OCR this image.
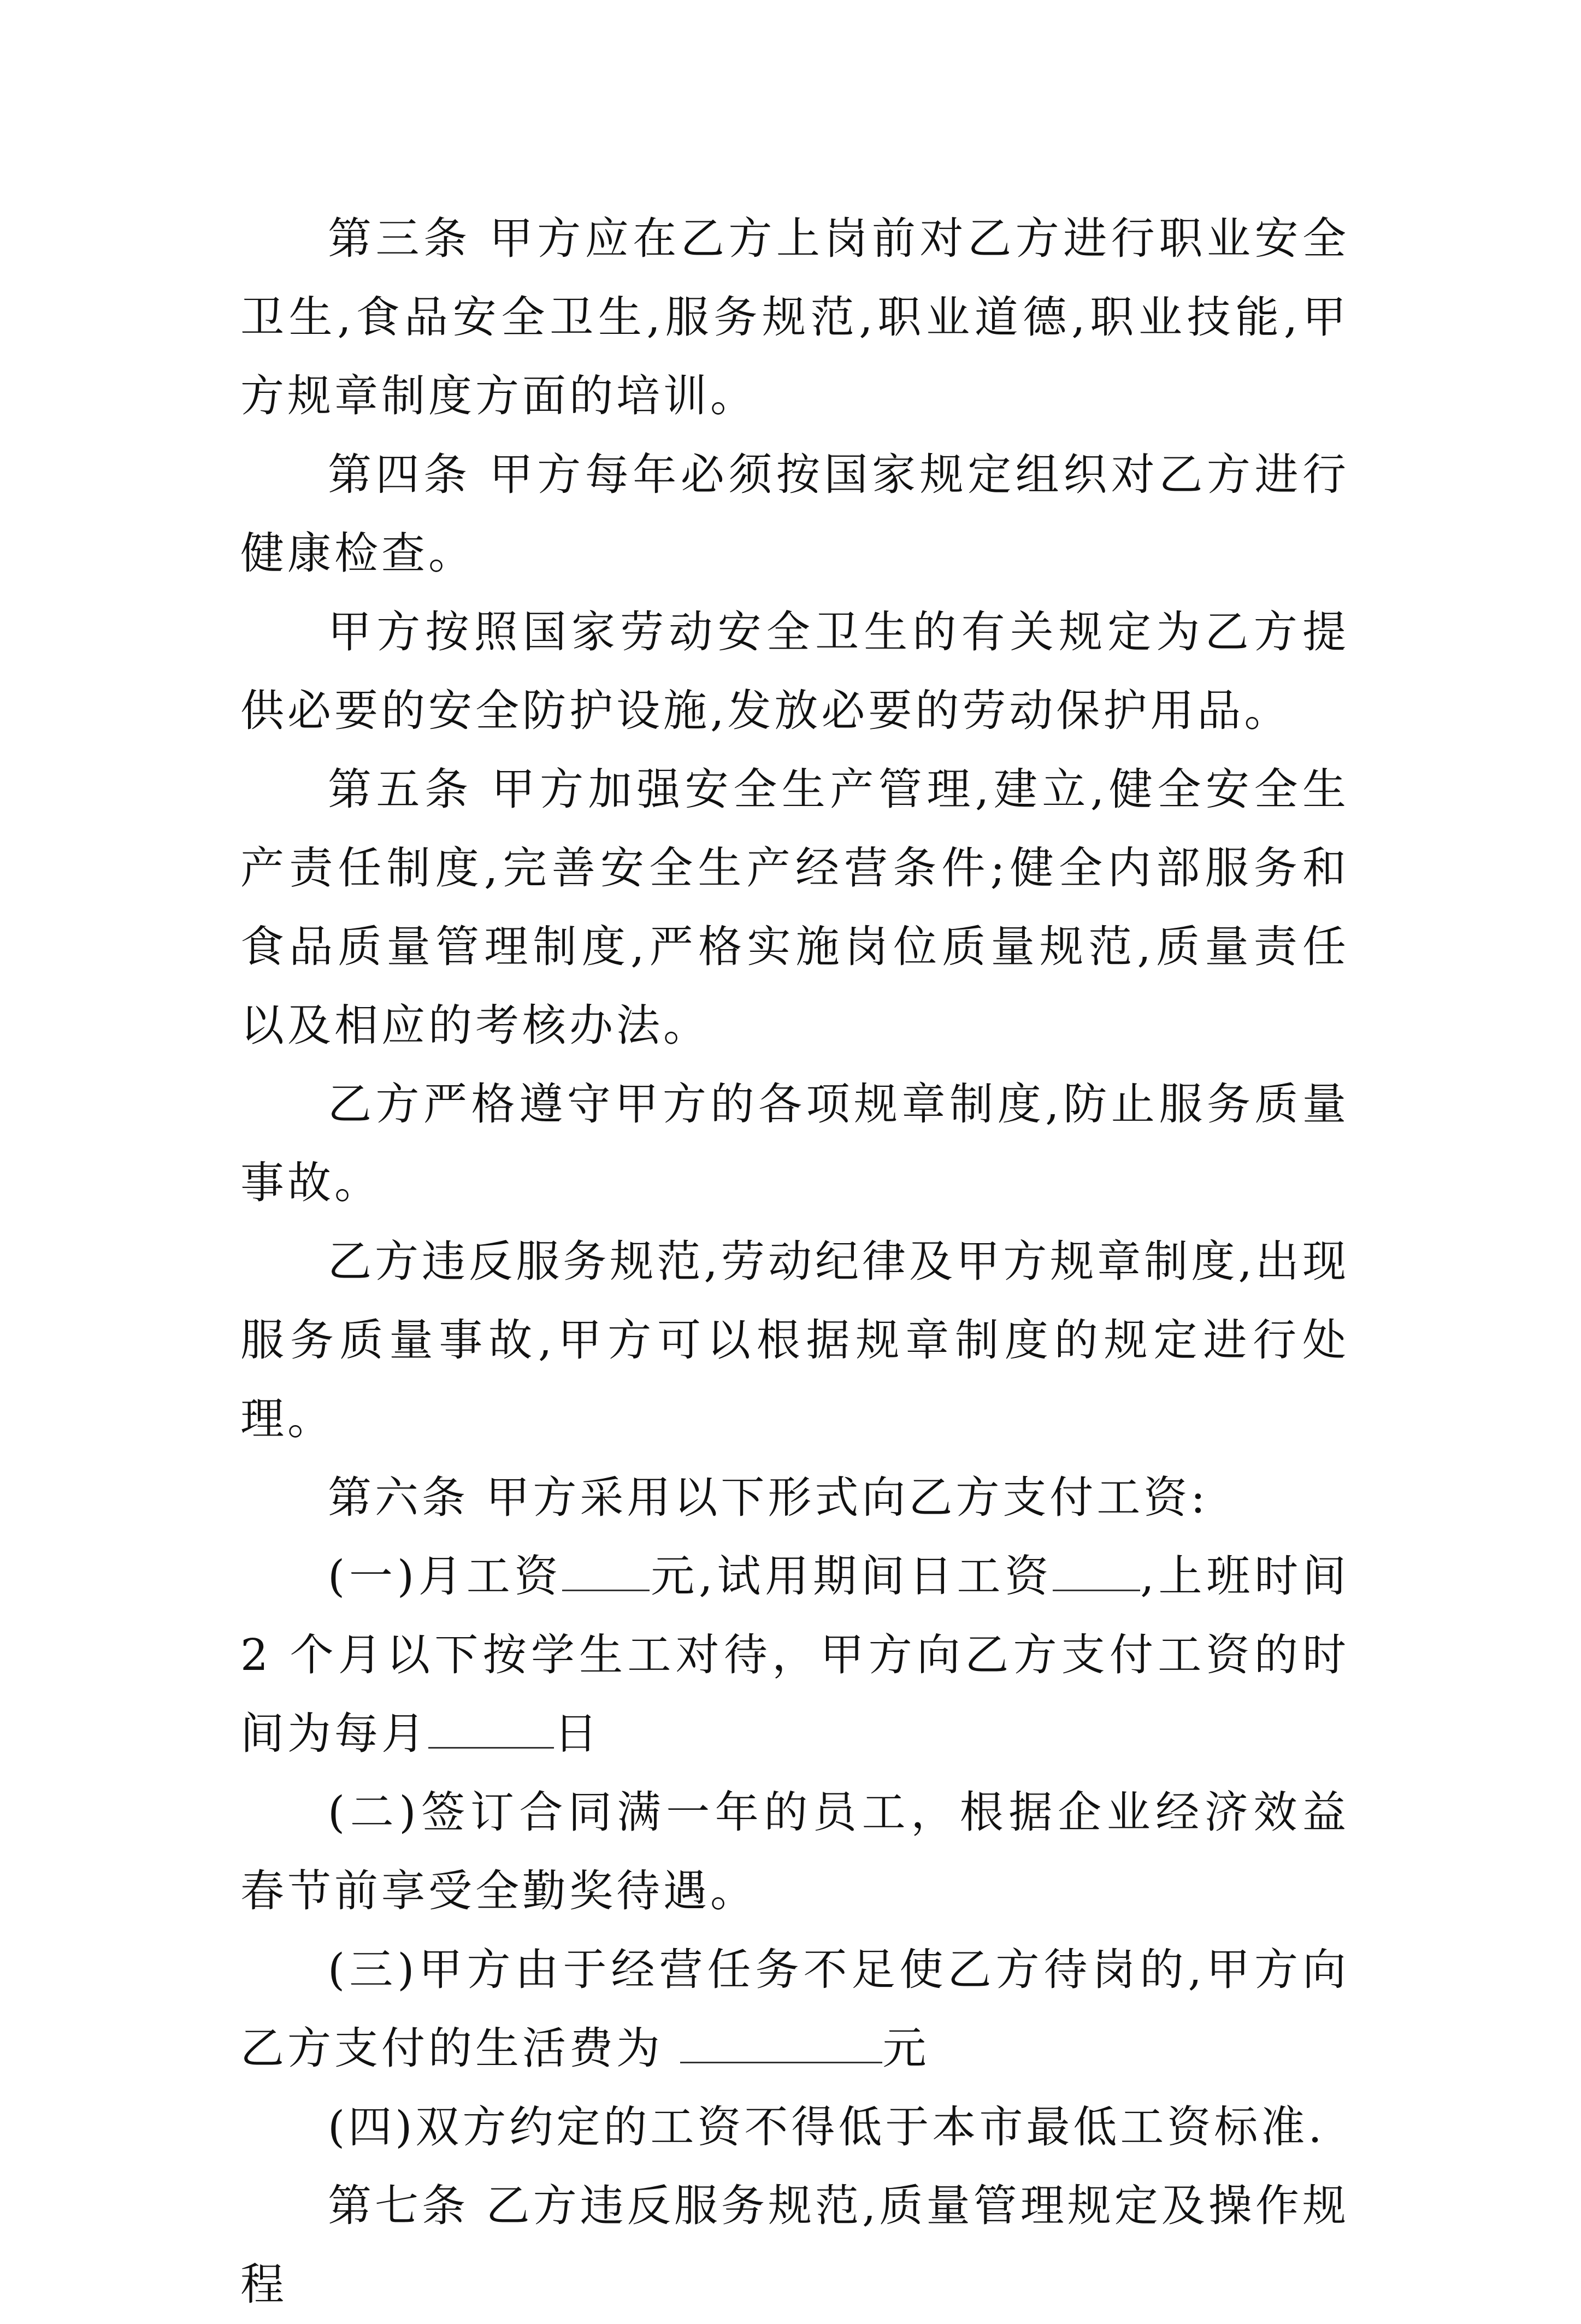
第三条 甲方应在乙方上岗前对乙方进行职业安全卫生,食品安全卫生,服务规范,职业道德,职业技能,甲方规章制度方面的培训。

第四条 甲方每年必须按国家规定组织对乙方进行健康检查。

甲方按照国家劳动安全卫生的有关规定为乙方提供必要的安全防护设施,发放必要的劳动保护用品。

第五条 甲方加强安全生产管理,建立,健全安全生产责任制度,完善安全生产经营条件;健全内部服务和食品质量管理制度,严格实施岗位质量规范,质量责任以及相应的考核办法。

乙方严格遵守甲方的各项规章制度,防止服务质量事故。

乙方违反服务规范,劳动纪律及甲方规章制度,出现服务质量事故,甲方可以根据规章制度的规定进行处理。

第六条 甲方采用以下形式向乙方支付工资:

(一)月工资 元,试用期间日工资 ,上班时间 2 个月以下按学生工对待，甲方向乙方支付工资的时间为每月	日

(二)签订合同满一年的员工，根据企业经济效益春节前享受全勤奖待遇。

(三)甲方由于经营任务不足使乙方待岗的,甲方向乙方支付的生活费为	元

(四)双方约定的工资不得低于本市最低工资标准.

第七条 乙方违反服务规范,质量管理规定及操作规程
